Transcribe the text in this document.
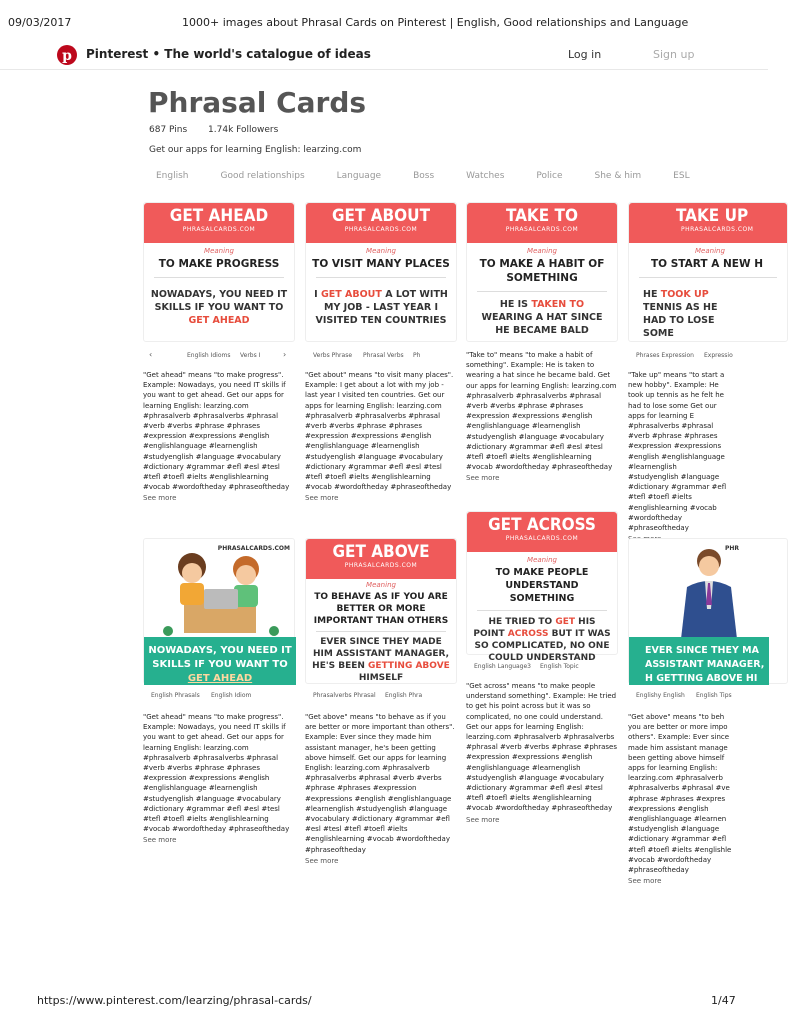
09/03/2017	1000+ images about Phrasal Cards on Pinterest | English, Good relationships and Language
p Pinterest • The world's catalogue of ideas	Log in	Sign up
Phrasal Cards
687 Pins 1.74k Followers
Get our apps for learning English: learzing.com
English	Good relationships	Language	Boss	Watches	Police	She & him	ESL
GET AHEAD
PHRASALCARDS.COM
Meaning
TO MAKE PROGRESS
NOWADAYS, YOU NEED IT SKILLS IF YOU WANT TO GET AHEAD
‹	English Idioms Verbs I	›
"Get ahead" means "to make progress". Example: Nowadays, you need IT skills if you want to get ahead. Get our apps for learning English: learzing.com #phrasalverb #phrasalverbs #phrasal #verb #verbs #phrase #phrases #expression #expressions #english #englishlanguage #learnenglish #studyenglish #language #vocabulary #dictionary #grammar #efl #esl #tesl #tefl #toefl #ielts #englishlearning #vocab #wordoftheday #phraseoftheday
See more
GET ABOUT
PHRASALCARDS.COM
Meaning
TO VISIT MANY PLACES
I GET ABOUT A LOT WITH MY JOB - LAST YEAR I VISITED TEN COUNTRIES
Verbs Phrase Phrasal Verbs Ph
"Get about" means "to visit many places". Example: I get about a lot with my job - last year I visited ten countries. Get our apps for learning English: learzing.com #phrasalverb #phrasalverbs #phrasal #verb #verbs #phrase #phrases #expression #expressions #english #englishlanguage #learnenglish #studyenglish #language #vocabulary #dictionary #grammar #efl #esl #tesl #tefl #toefl #ielts #englishlearning #vocab #wordoftheday #phraseoftheday
See more
TAKE TO
PHRASALCARDS.COM
Meaning
TO MAKE A HABIT OF SOMETHING
HE IS TAKEN TO WEARING A HAT SINCE HE BECAME BALD
"Take to" means "to make a habit of something". Example: He is taken to wearing a hat since he became bald. Get our apps for learning English: learzing.com #phrasalverb #phrasalverbs #phrasal #verb #verbs #phrase #phrases #expression #expressions #english #englishlanguage #learnenglish #studyenglish #language #vocabulary #dictionary #grammar #efl #esl #tesl #tefl #toefl #ielts #englishlearning #vocab #wordoftheday #phraseoftheday
See more
TAKE UP
PHRASALCARDS.COM
Meaning
TO START A NEW H
HE TOOK UP TENNIS AS HE HAD TO LOSE SOME
Phrases Expression Expressio
"Take up" means "to start a new hobby". Example: He took up tennis as he felt he had to lose some Get our apps for learning E #phrasalverbs #phrasal #verb #phrase #phrases #expression #expressions #english #englishlanguage #learnenglish #studyenglish #language #dictionary #grammar #efl #tefl #toefl #ielts #englishlearning #vocab #wordoftheday #phraseoftheday
PHRASALCARDS.COM
NOWADAYS, YOU NEED IT SKILLS IF YOU WANT TO GET AHEAD
English Phrasals English Idiom
"Get ahead" means "to make progress". Example: Nowadays, you need IT skills if you want to get ahead. Get our apps for learning English: learzing.com #phrasalverb #phrasalverbs #phrasal #verb #verbs #phrase #phrases #expression #expressions #english #englishlanguage #learnenglish #studyenglish #language #vocabulary #dictionary #grammar #efl #esl #tesl #tefl #toefl #ielts #englishlearning #vocab #wordoftheday #phraseoftheday
See more
GET ABOVE
PHRASALCARDS.COM
Meaning
TO BEHAVE AS IF YOU ARE BETTER OR MORE IMPORTANT THAN OTHERS
EVER SINCE THEY MADE HIM ASSISTANT MANAGER, HE'S BEEN GETTING ABOVE HIMSELF
Phrasalverbs Phrasal English Phra
"Get above" means "to behave as if you are better or more important than others". Example: Ever since they made him assistant manager, he's been getting above himself. Get our apps for learning English: learzing.com #phrasalverb #phrasalverbs #phrasal #verb #verbs #phrase #phrases #expression #expressions #english #englishlanguage #learnenglish #studyenglish #language #vocabulary #dictionary #grammar #efl #esl #tesl #tefl #toefl #ielts #englishlearning #vocab #wordoftheday #phraseoftheday
See more
GET ACROSS
PHRASALCARDS.COM
Meaning
TO MAKE PEOPLE UNDERSTAND SOMETHING
HE TRIED TO GET HIS POINT ACROSS BUT IT WAS SO COMPLICATED, NO ONE COULD UNDERSTAND
English Language3 English Topic
"Get across" means "to make people understand something". Example: He tried to get his point across but it was so complicated, no one could understand. Get our apps for learning English: learzing.com #phrasalverb #phrasalverbs #phrasal #verb #verbs #phrase #phrases #expression #expressions #english #englishlanguage #learnenglish #studyenglish #language #vocabulary #dictionary #grammar #efl #esl #tesl #tefl #toefl #ielts #englishlearning #vocab #wordoftheday #phraseoftheday
See more
PHR
EVER SINCE THEY MA ASSISTANT MANAGER, H GETTING ABOVE HI
Englishy English English Tips
"Get above" means "to beh you are better or more impo others". Example: Ever since made him assistant manage been getting above himself apps for learning English: learzing.com #phrasalverb #phrasalverbs #phrasal #ve #phrase #phrases #expres #expressions #english #englishlanguage #learnen #studyenglish #language #dictionary #grammar #efl #tefl #toefl #ielts #englishle #vocab #wordoftheday #phraseoftheday
See more
https://www.pinterest.com/learzing/phrasal-cards/	1/47
